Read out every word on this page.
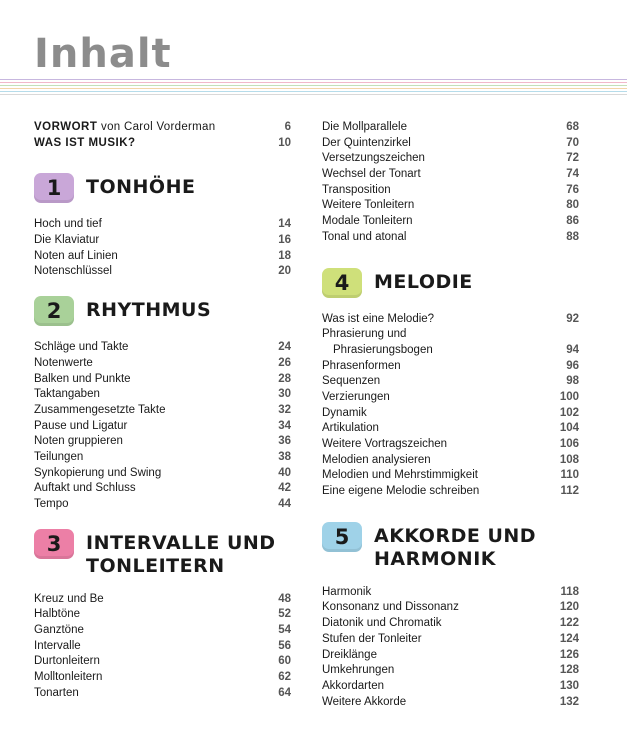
Inhalt
VORWORT von Carol Vorderman	6
WAS IST MUSIK?	10
1	TONHÖHE
Hoch und tief	14
Die Klaviatur	16
Noten auf Linien	18
Notenschlüssel	20
2	RHYTHMUS
Schläge und Takte	24
Notenwerte	26
Balken und Punkte	28
Taktangaben	30
Zusammengesetzte Takte	32
Pause und Ligatur	34
Noten gruppieren	36
Teilungen	38
Synkopierung und Swing	40
Auftakt und Schluss	42
Tempo	44
3	INTERVALLE UND
TONLEITERN
Kreuz und Be	48
Halbtöne	52
Ganztöne	54
Intervalle	56
Durtonleitern	60
Molltonleitern	62
Tonarten	64
Die Mollparallele	68
Der Quintenzirkel	70
Versetzungszeichen	72
Wechsel der Tonart	74
Transposition	76
Weitere Tonleitern	80
Modale Tonleitern	86
Tonal und atonal	88
4	MELODIE
Was ist eine Melodie?	92
Phrasierung und
Phrasierungsbogen	94
Phrasenformen	96
Sequenzen	98
Verzierungen	100
Dynamik	102
Artikulation	104
Weitere Vortragszeichen	106
Melodien analysieren	108
Melodien und Mehrstimmigkeit	110
Eine eigene Melodie schreiben	112
5	AKKORDE UND
HARMONIK
Harmonik	118
Konsonanz und Dissonanz	120
Diatonik und Chromatik	122
Stufen der Tonleiter	124
Dreiklänge	126
Umkehrungen	128
Akkordarten	130
Weitere Akkorde	132
